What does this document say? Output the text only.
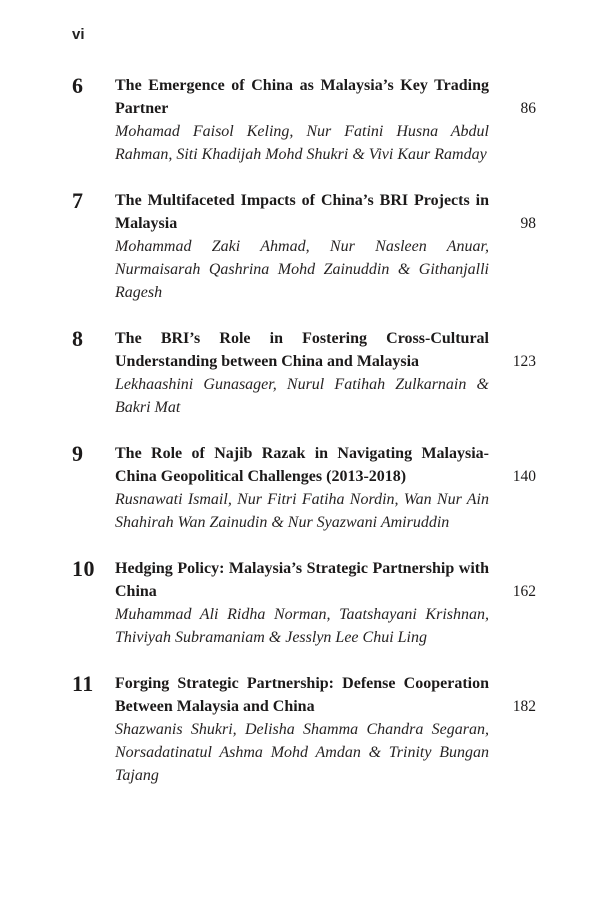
vi
6	The Emergence of China as Malaysia’s Key Trading Partner	86
Mohamad Faisol Keling, Nur Fatini Husna Abdul Rahman, Siti Khadijah Mohd Shukri & Vivi Kaur Ramday
7	The Multifaceted Impacts of China’s BRI Projects in Malaysia	98
Mohammad Zaki Ahmad, Nur Nasleen Anuar, Nurmaisarah Qashrina Mohd Zainuddin & Githanjalli Ragesh
8	The BRI’s Role in Fostering Cross-Cultural Understanding between China and Malaysia	123
Lekhaashini Gunasager, Nurul Fatihah Zulkarnain & Bakri Mat
9	The Role of Najib Razak in Navigating Malaysia-China Geopolitical Challenges (2013-2018)	140
Rusnawati Ismail, Nur Fitri Fatiha Nordin, Wan Nur Ain Shahirah Wan Zainudin & Nur Syazwani Amiruddin
10	Hedging Policy: Malaysia’s Strategic Partnership with China	162
Muhammad Ali Ridha Norman, Taatshayani Krishnan, Thiviyah Subramaniam & Jesslyn Lee Chui Ling
11	Forging Strategic Partnership: Defense Cooperation Between Malaysia and China	182
Shazwanis Shukri, Delisha Shamma Chandra Segaran, Norsadatinatul Ashma Mohd Amdan & Trinity Bungan Tajang
